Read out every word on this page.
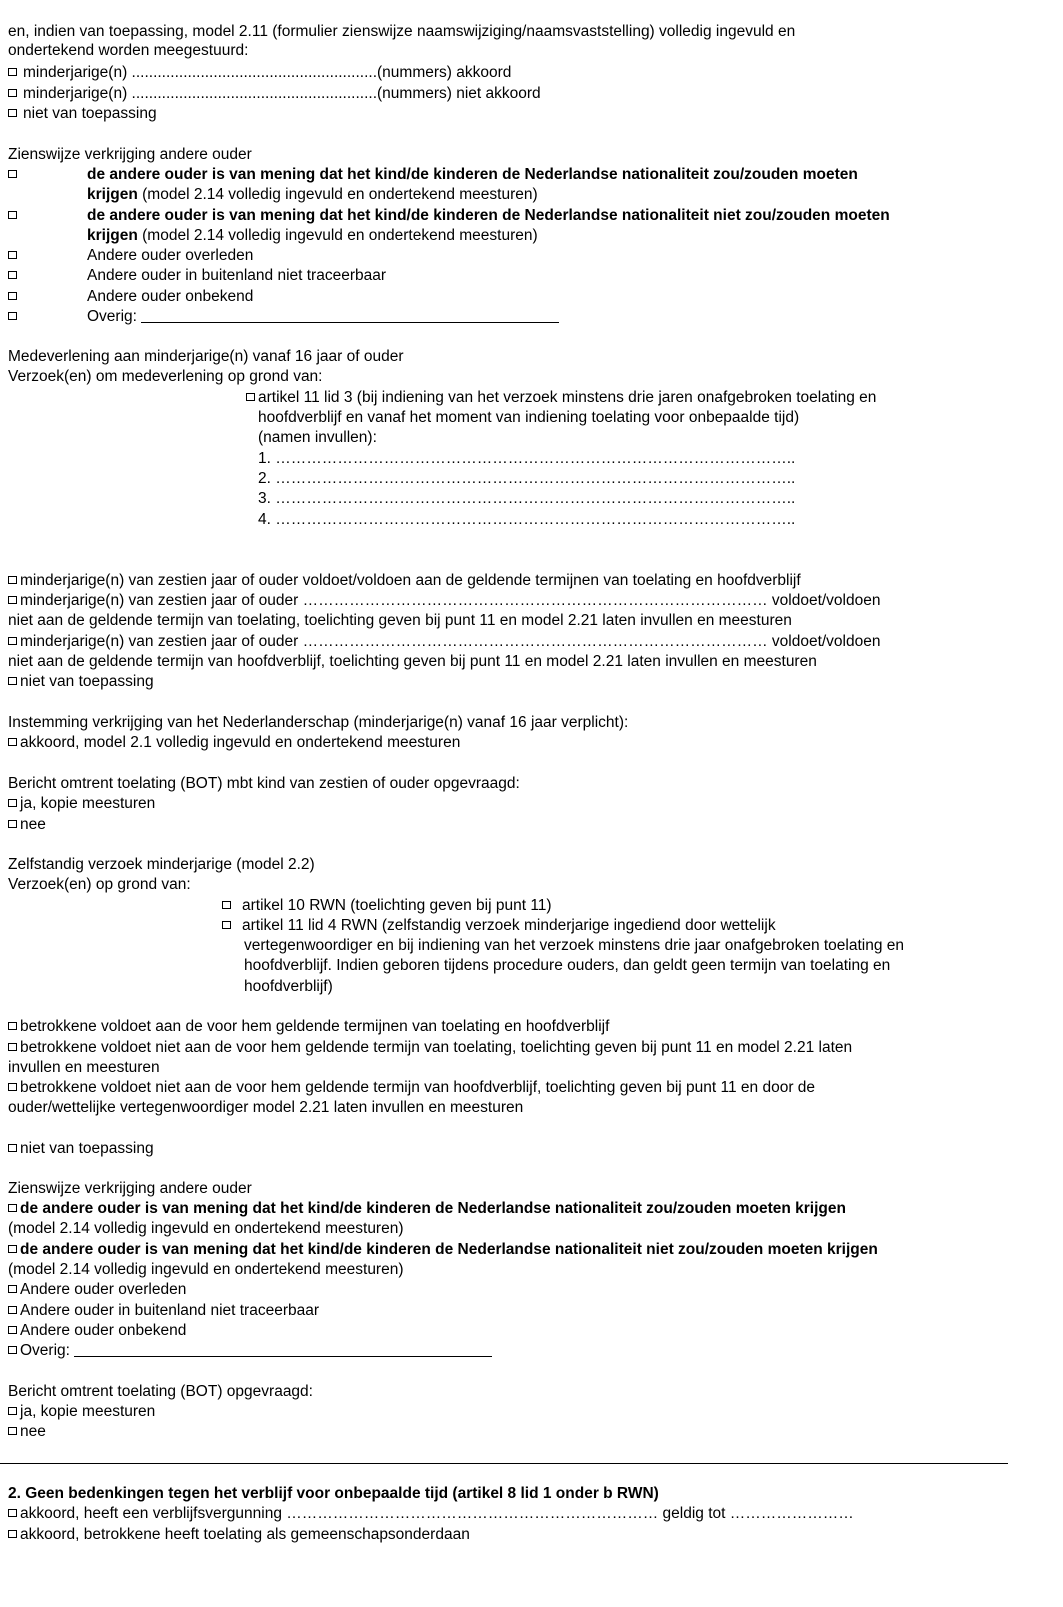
en, indien van toepassing, model 2.11 (formulier zienswijze naamswijziging/naamsvaststelling) volledig ingevuld en
ondertekend worden meegestuurd:
minderjarige(n) .........................................................(nummers) akkoord
minderjarige(n) .........................................................(nummers) niet akkoord
niet van toepassing
Zienswijze verkrijging andere ouder
de andere ouder is van mening dat het kind/de kinderen de Nederlandse nationaliteit zou/zouden moeten
krijgen (model 2.14 volledig ingevuld en ondertekend meesturen)
de andere ouder is van mening dat het kind/de kinderen de Nederlandse nationaliteit niet zou/zouden moeten
krijgen (model 2.14 volledig ingevuld en ondertekend meesturen)
Andere ouder overleden
Andere ouder in buitenland niet traceerbaar
Andere ouder onbekend
Overig:
Medeverlening aan minderjarige(n) vanaf 16 jaar of ouder
Verzoek(en) om medeverlening op grond van:
artikel 11 lid 3 (bij indiening van het verzoek minstens drie jaren onafgebroken toelating en
hoofdverblijf en vanaf het moment van indiening toelating voor onbepaalde tijd)
(namen invullen):
1. ………………………………………………………………………………………..
2. ………………………………………………………………………………………..
3. ………………………………………………………………………………………..
4. ………………………………………………………………………………………..
minderjarige(n) van zestien jaar of ouder voldoet/voldoen aan de geldende termijnen van toelating en hoofdverblijf
minderjarige(n) van zestien jaar of ouder ……………………………………………………………………………… voldoet/voldoen
niet aan de geldende termijn van toelating, toelichting geven bij punt 11 en model 2.21 laten invullen en meesturen
minderjarige(n) van zestien jaar of ouder ……………………………………………………………………………… voldoet/voldoen
niet aan de geldende termijn van hoofdverblijf, toelichting geven bij punt 11 en model 2.21 laten invullen en meesturen
niet van toepassing
Instemming verkrijging van het Nederlanderschap (minderjarige(n) vanaf 16 jaar verplicht):
akkoord, model 2.1 volledig ingevuld en ondertekend meesturen
Bericht omtrent toelating (BOT) mbt kind van zestien of ouder opgevraagd:
ja, kopie meesturen
nee
Zelfstandig verzoek minderjarige (model 2.2)
Verzoek(en) op grond van:
artikel 10 RWN (toelichting geven bij punt 11)
artikel 11 lid 4 RWN (zelfstandig verzoek minderjarige ingediend door wettelijk
vertegenwoordiger en bij indiening van het verzoek minstens drie jaar onafgebroken toelating en
hoofdverblijf. Indien geboren tijdens procedure ouders, dan geldt geen termijn van toelating en
hoofdverblijf)
betrokkene voldoet aan de voor hem geldende termijnen van toelating en hoofdverblijf
betrokkene voldoet niet aan de voor hem geldende termijn van toelating, toelichting geven bij punt 11 en model 2.21 laten
invullen en meesturen
betrokkene voldoet niet aan de voor hem geldende termijn van hoofdverblijf, toelichting geven bij punt 11 en door de
ouder/wettelijke vertegenwoordiger model 2.21 laten invullen en meesturen
niet van toepassing
Zienswijze verkrijging andere ouder
de andere ouder is van mening dat het kind/de kinderen de Nederlandse nationaliteit zou/zouden moeten krijgen
(model 2.14 volledig ingevuld en ondertekend meesturen)
de andere ouder is van mening dat het kind/de kinderen de Nederlandse nationaliteit niet zou/zouden moeten krijgen
(model 2.14 volledig ingevuld en ondertekend meesturen)
Andere ouder overleden
Andere ouder in buitenland niet traceerbaar
Andere ouder onbekend
Overig:
Bericht omtrent toelating (BOT) opgevraagd:
ja, kopie meesturen
nee
2. Geen bedenkingen tegen het verblijf voor onbepaalde tijd (artikel 8 lid 1 onder b RWN)
akkoord, heeft een verblijfsvergunning ……………………………………………………………… geldig tot ……………………
akkoord, betrokkene heeft toelating als gemeenschapsonderdaan
